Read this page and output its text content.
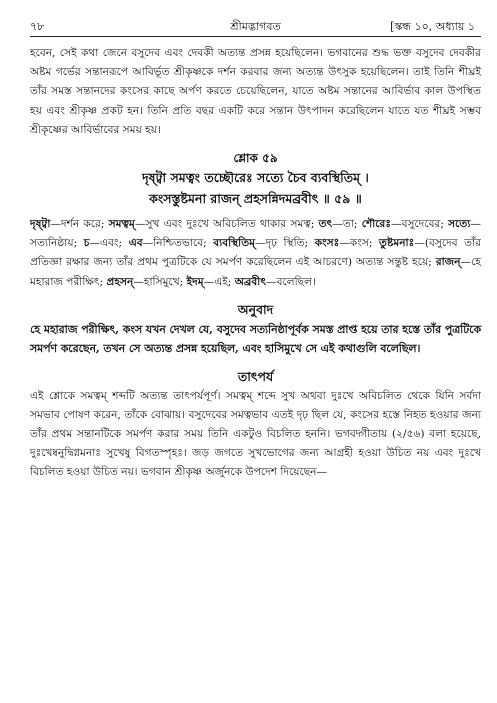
৭৮	শ্রীমদ্ভাগবত	[স্কন্ধ ১০, অধ্যায় ১

হবেন, সেই কথা জেনে বসুদেব এবং দেবকী অত্যন্ত প্রসন্ন হয়েছিলেন। ভগবানের শুদ্ধ ভক্ত বসুদেব দেবকীর অষ্টম গর্ভের সন্তানরূপে আবির্ভূত শ্রীকৃষ্ণকে দর্শন করবার জন্য অত্যন্ত উৎসুক হয়েছিলেন। তাই তিনি শীঘ্রই তাঁর সমস্ত সন্তানদের কংসের কাছে অর্পণ করতে চেয়েছিলেন, যাতে অষ্টম সন্তানের আবির্ভাব কাল উপস্থিত হয় এবং শ্রীকৃষ্ণ প্রকট হন। তিনি প্রতি বছর একটি করে সন্তান উৎপাদন করেছিলেন যাতে যত শীঘ্রই সম্ভব শ্রীকৃষ্ণের আবির্ভাবের সময় হয়।

শ্লোক ৫৯
দৃষ্ট্বা সমত্বং তচ্ছৌরেঃ সত্যে চৈব ব্যবস্থিতিম্ ।
কংসস্তুষ্টমনা রাজন্ প্রহসন্নিদমব্রবীৎ ॥ ৫৯ ॥

দৃষ্ট্বা—দর্শন করে; সমত্বম্—সুখ এবং দুঃখে অবিচলিত থাকার সমত্ব; তৎ—তা; শৌরেঃ—বসুদেবের; সত্যে—সত্যনিষ্ঠায়; চ—এবং; এব—নিশ্চিতভাবে; ব্যবস্থিতিম্—দৃঢ় স্থিতি; কংসঃ—কংস; তুষ্টমনাঃ—(বসুদেব তাঁর প্রতিজ্ঞা রক্ষার জন্য তাঁর প্রথম পুত্রটিকে যে সমর্পণ করেছিলেন এই আচরণে) অত্যন্ত সন্তুষ্ট হয়ে; রাজন্—হে মহারাজ পরীক্ষিৎ; প্রহসন্—হাসিমুখে; ইদম্—এই; অব্রবীৎ—বলেছিল।

অনুবাদ

হে মহারাজ পরীক্ষিৎ, কংস যখন দেখল যে, বসুদেব সত্যনিষ্ঠাপূর্বক সমস্ত প্রাপ্ত হয়ে তার হস্তে তাঁর পুত্রটিকে সমর্পণ করেছেন, তখন সে অত্যন্ত প্রসন্ন হয়েছিল, এবং হাসিমুখে সে এই কথাগুলি বলেছিল।

তাৎপর্য

এই শ্লোকে সমত্বম্ শব্দটি অত্যন্ত তাৎপর্যপূর্ণ। সমত্বম্ শব্দে সুখ অথবা দুঃখে অবিচলিত থেকে যিনি সর্বদা সমভাব পোষণ করেন, তাঁকে বোঝায়। বসুদেবের সমত্বভাব এতই দৃঢ় ছিল যে, কংসের হস্তে নিহত হওয়ার জন্য তাঁর প্রথম সন্তানটিকে সমর্পণ করার সময় তিনি একটুও বিচলিত হননি। ভগবদ্গীতায় (২/৫৬) বলা হয়েছে, দুঃখেষ্বনুদ্বিগ্নমনাঃ সুখেষু বিগতস্পৃহঃ। জড় জগতে সুখভোগের জন্য আগ্রহী হওয়া উচিত নয় এবং দুঃখে বিচলিত হওয়া উচিত নয়। ভগবান শ্রীকৃষ্ণ অর্জুনকে উপদেশ দিয়েছেন—
